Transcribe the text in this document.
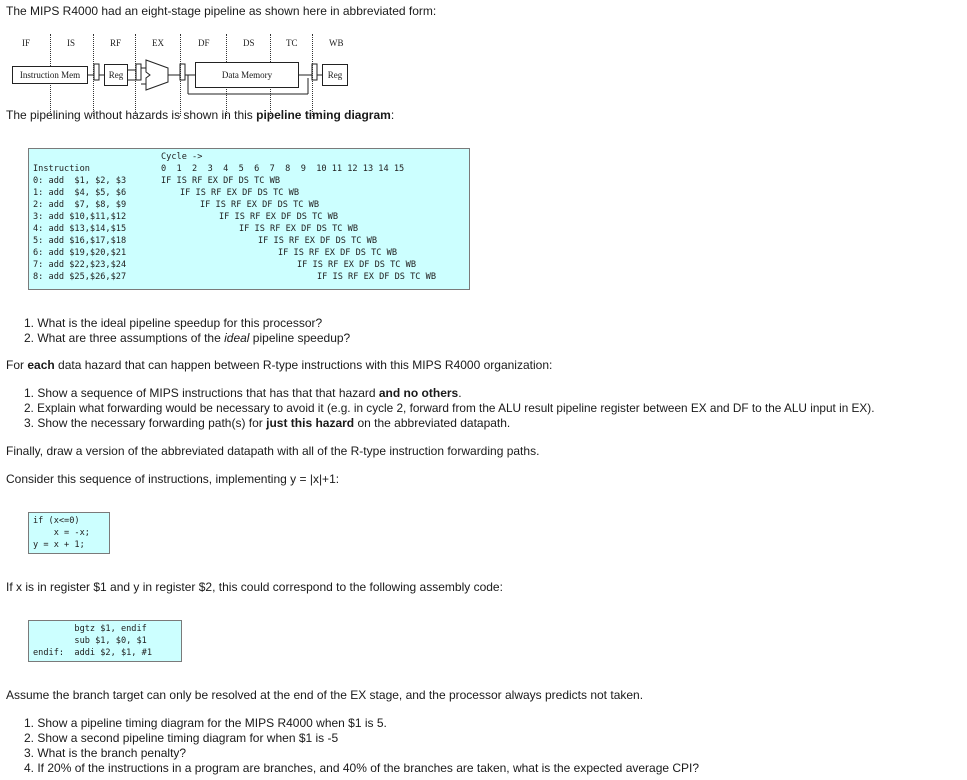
The MIPS R4000 had an eight-stage pipeline as shown here in abbreviated form:
IF	IS	RF	EX	DF	DS	TC	WB
Instruction Mem	Reg	Data Memory	Reg
The pipelining without hazards is shown in this pipeline timing diagram:
Cycle ->
Instruction	0  1  2  3  4  5  6  7  8  9  10 11 12 13 14 15
0: add  $1, $2, $3	IF IS RF EX DF DS TC WB
1: add  $4, $5, $6	IF IS RF EX DF DS TC WB
2: add  $7, $8, $9	IF IS RF EX DF DS TC WB
3: add $10,$11,$12	IF IS RF EX DF DS TC WB
4: add $13,$14,$15	IF IS RF EX DF DS TC WB
5: add $16,$17,$18	IF IS RF EX DF DS TC WB
6: add $19,$20,$21	IF IS RF EX DF DS TC WB
7: add $22,$23,$24	IF IS RF EX DF DS TC WB
8: add $25,$26,$27	IF IS RF EX DF DS TC WB
1. What is the ideal pipeline speedup for this processor?
2. What are three assumptions of the ideal pipeline speedup?
For each data hazard that can happen between R-type instructions with this MIPS R4000 organization:
1. Show a sequence of MIPS instructions that has that that hazard and no others.
2. Explain what forwarding would be necessary to avoid it (e.g. in cycle 2, forward from the ALU result pipeline register between EX and DF to the ALU input in EX).
3. Show the necessary forwarding path(s) for just this hazard on the abbreviated datapath.
Finally, draw a version of the abbreviated datapath with all of the R-type instruction forwarding paths.
Consider this sequence of instructions, implementing y = |x|+1:
if (x<=0)
x = -x;
y = x + 1;
If x is in register $1 and y in register $2, this could correspond to the following assembly code:
bgtz $1, endif
sub $1, $0, $1
endif:  addi $2, $1, #1
Assume the branch target can only be resolved at the end of the EX stage, and the processor always predicts not taken.
1. Show a pipeline timing diagram for the MIPS R4000 when $1 is 5.
2. Show a second pipeline timing diagram for when $1 is -5
3. What is the branch penalty?
4. If 20% of the instructions in a program are branches, and 40% of the branches are taken, what is the expected average CPI?
